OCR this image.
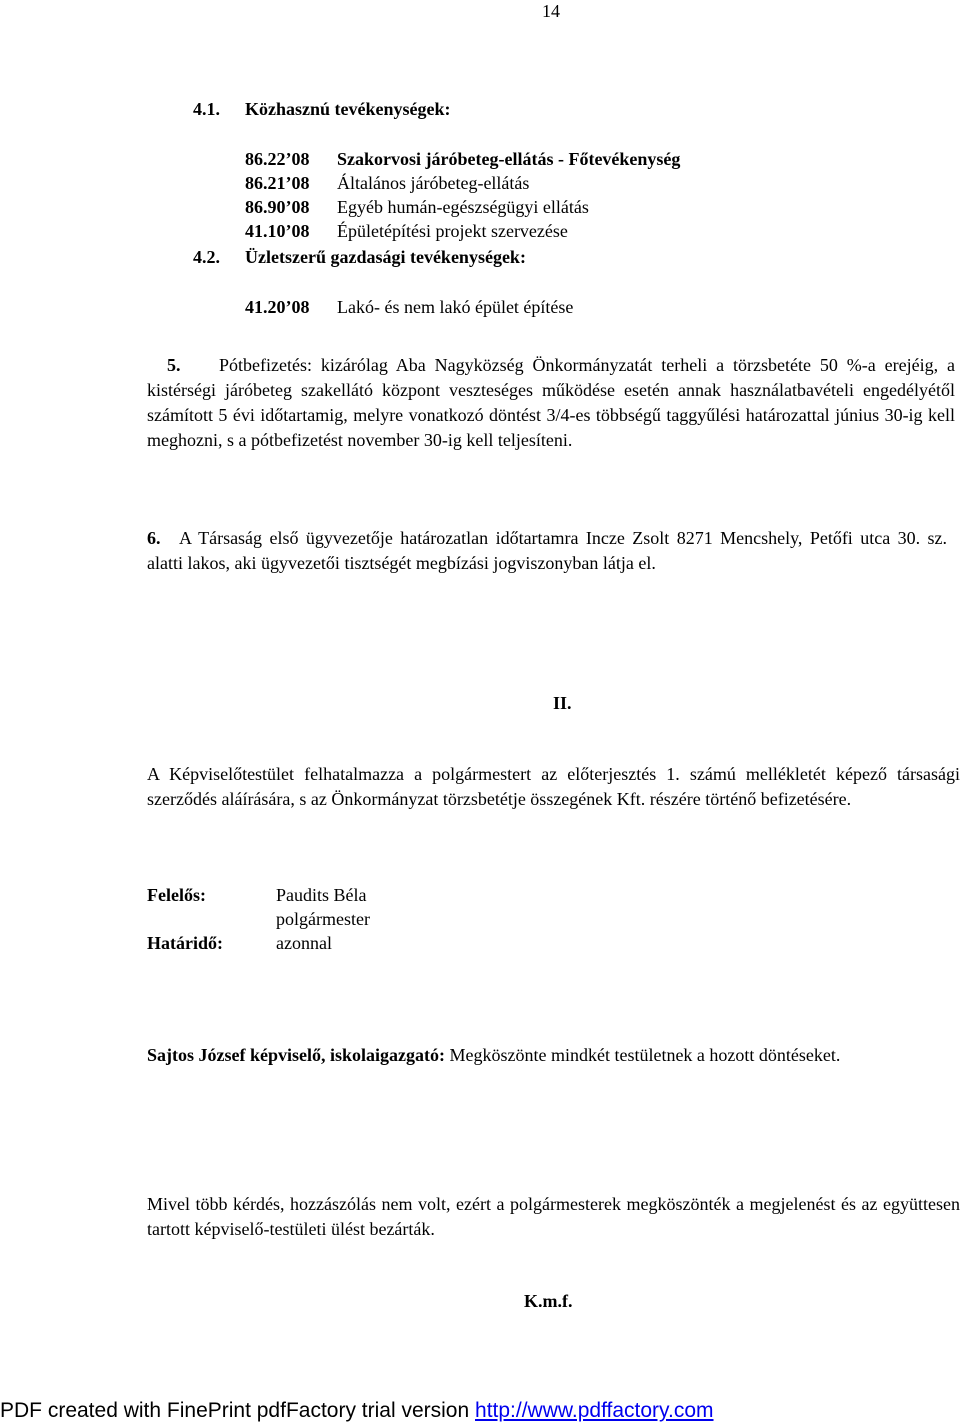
14
4.1. Közhasznú tevékenységek:
86.22’08 Szakorvosi járóbeteg-ellátás - Főtevékenység
86.21’08 Általános járóbeteg-ellátás
86.90’08 Egyéb humán-egészségügyi ellátás
41.10’08 Épületépítési projekt szervezése
4.2. Üzletszerű gazdasági tevékenységek:
41.20’08 Lakó- és nem lakó épület építése
5. Pótbefizetés: kizárólag Aba Nagyközség Önkormányzatát terheli a törzsbetéte 50 %-a erejéig, a kistérségi járóbeteg szakellátó központ veszteséges működése esetén annak használatbavételi engedélyétől számított 5 évi időtartamig, melyre vonatkozó döntést 3/4-es többségű taggyűlési határozattal június 30-ig kell meghozni, s a pótbefizetést november 30-ig kell teljesíteni.
6. A Társaság első ügyvezetője határozatlan időtartamra Incze Zsolt 8271 Mencshely, Petőfi utca 30. sz. alatti lakos, aki ügyvezetői tisztségét megbízási jogviszonyban látja el.
II.
A Képviselőtestület felhatalmazza a polgármestert az előterjesztés 1. számú mellékletét képező társasági szerződés aláírására, s az Önkormányzat törzsbetétje összegének Kft. részére történő befizetésére.
Felelős:	Paudits Béla
polgármester
Határidő:	azonnal
Sajtos József képviselő, iskolaigazgató: Megköszönte mindkét testületnek a hozott döntéseket.
Mivel több kérdés, hozzászólás nem volt, ezért a polgármesterek megköszönték a megjelenést és az együttesen tartott képviselő-testületi ülést bezárták.
K.m.f.
PDF created with FinePrint pdfFactory trial version http://www.pdffactory.com
